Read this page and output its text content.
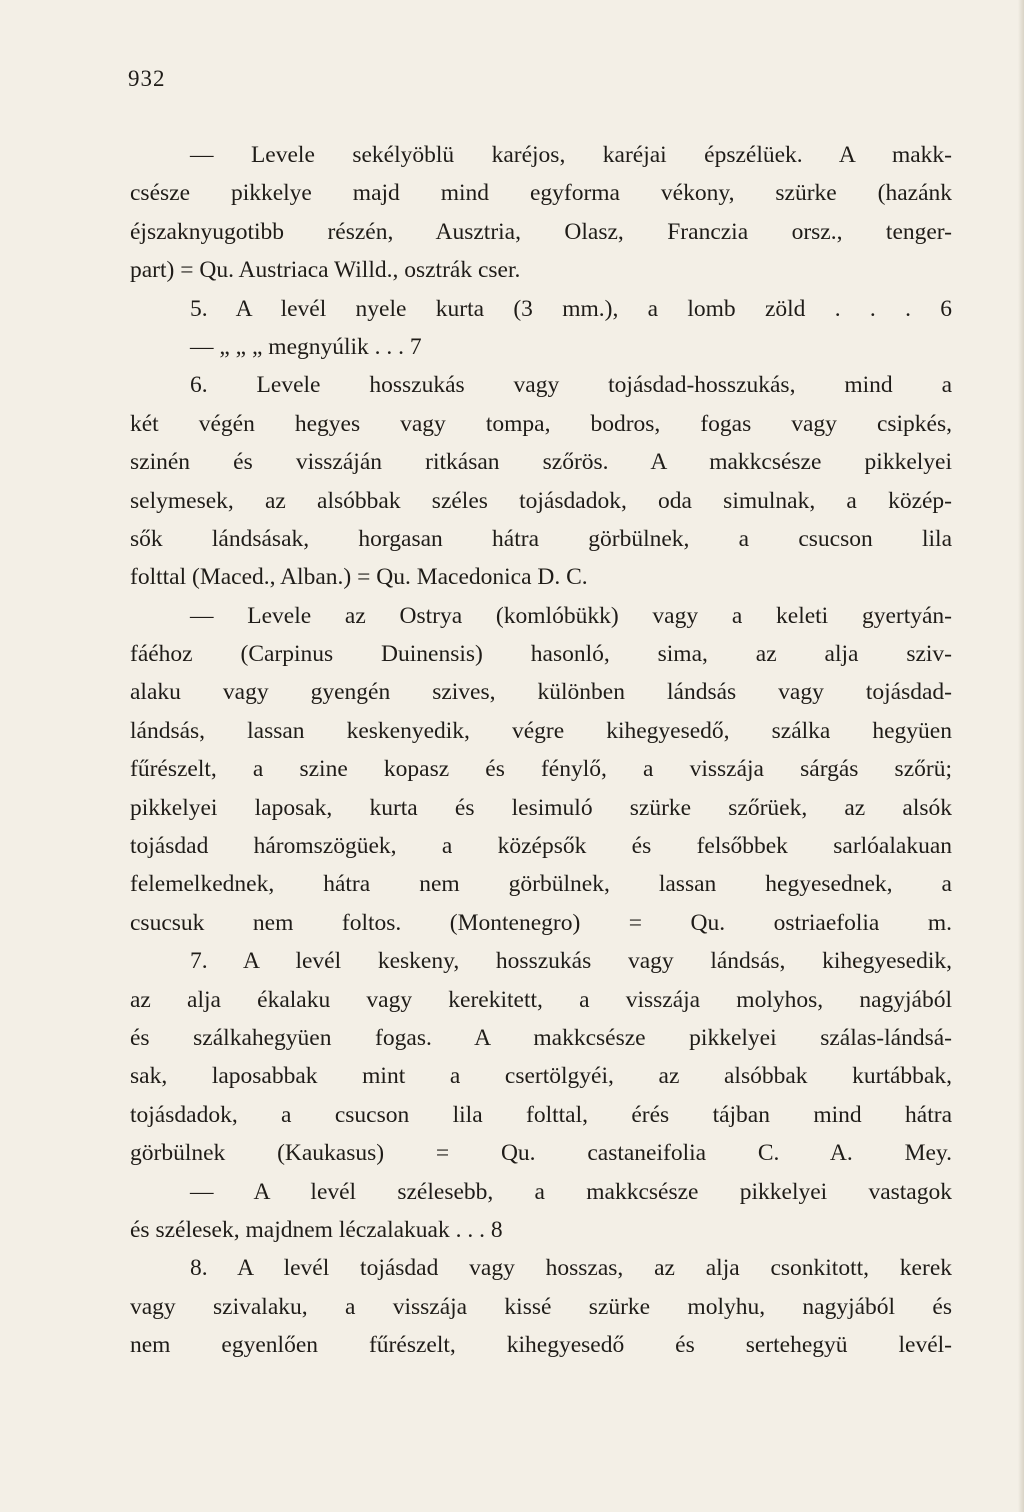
932
— Levele sekélyöblü karéjos, karéjai épszélüek. A makk-
csésze pikkelye majd mind egyforma vékony, szürke (hazánk
éjszaknyugotibb részén, Ausztria, Olasz, Franczia orsz., tenger-
part) = Qu. Austriaca Willd., osztrák cser.
5. A levél nyele kurta (3 mm.), a lomb zöld . . . 6
— „ „ „ megnyúlik . . . 7
6. Levele hosszukás vagy tojásdad-hosszukás, mind a
két végén hegyes vagy tompa, bodros, fogas vagy csipkés,
szinén és visszáján ritkásan szőrös. A makkcsésze pikkelyei
selymesek, az alsóbbak széles tojásdadok, oda simulnak, a közép-
sők lándsásak, horgasan hátra görbülnek, a csucson lila
folttal (Maced., Alban.) = Qu. Macedonica D. C.
— Levele az Ostrya (komlóbükk) vagy a keleti gyertyán-
fáéhoz (Carpinus Duinensis) hasonló, sima, az alja sziv-
alaku vagy gyengén szives, különben lándsás vagy tojásdad-
lándsás, lassan keskenyedik, végre kihegyesedő, szálka hegyüen
fűrészelt, a szine kopasz és fénylő, a visszája sárgás szőrü;
pikkelyei laposak, kurta és lesimuló szürke szőrüek, az alsók
tojásdad háromszögüek, a középsők és felsőbbek sarlóalakuan
felemelkednek, hátra nem görbülnek, lassan hegyesednek, a
csucsuk nem foltos. (Montenegro) = Qu. ostriaefolia m.
7. A levél keskeny, hosszukás vagy lándsás, kihegyesedik,
az alja ékalaku vagy kerekitett, a visszája molyhos, nagyjából
és szálkahegyüen fogas. A makkcsésze pikkelyei szálas-lándsá-
sak, laposabbak mint a csertölgyéi, az alsóbbak kurtábbak,
tojásdadok, a csucson lila folttal, érés tájban mind hátra
görbülnek (Kaukasus) = Qu. castaneifolia C. A. Mey.
— A levél szélesebb, a makkcsésze pikkelyei vastagok
és szélesek, majdnem léczalakuak . . . 8
8. A levél tojásdad vagy hosszas, az alja csonkitott, kerek
vagy szivalaku, a visszája kissé szürke molyhu, nagyjából és
nem egyenlően fűrészelt, kihegyesedő és sertehegyü levél-
